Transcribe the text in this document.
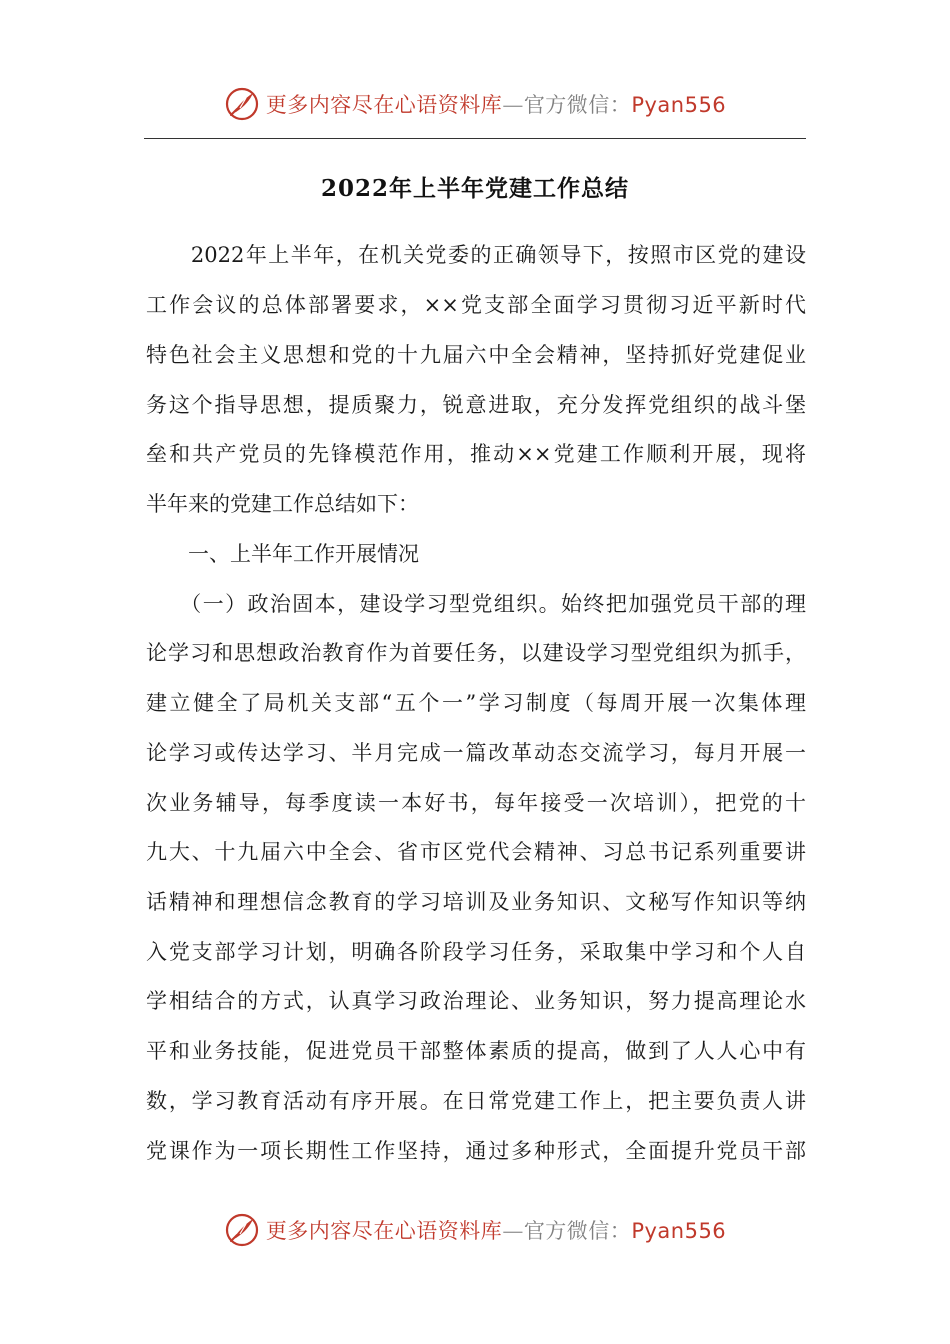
更多内容尽在心语资料库—官方微信：Pyan556
2022年上半年党建工作总结
　　2022年上半年，在机关党委的正确领导下，按照市区党的建设
工作会议的总体部署要求，××党支部全面学习贯彻习近平新时代
特色社会主义思想和党的十九届六中全会精神，坚持抓好党建促业
务这个指导思想，提质聚力，锐意进取，充分发挥党组织的战斗堡
垒和共产党员的先锋模范作用，推动××党建工作顺利开展，现将
半年来的党建工作总结如下：
　　一、上半年工作开展情况
　　（一）政治固本，建设学习型党组织。始终把加强党员干部的理
论学习和思想政治教育作为首要任务，以建设学习型党组织为抓手，
建立健全了局机关支部“五个一”学习制度（每周开展一次集体理
论学习或传达学习、半月完成一篇改革动态交流学习，每月开展一
次业务辅导，每季度读一本好书，每年接受一次培训），把党的十
九大、十九届六中全会、省市区党代会精神、习总书记系列重要讲
话精神和理想信念教育的学习培训及业务知识、文秘写作知识等纳
入党支部学习计划，明确各阶段学习任务，采取集中学习和个人自
学相结合的方式，认真学习政治理论、业务知识，努力提高理论水
平和业务技能，促进党员干部整体素质的提高，做到了人人心中有
数，学习教育活动有序开展。在日常党建工作上，把主要负责人讲
党课作为一项长期性工作坚持，通过多种形式，全面提升党员干部
更多内容尽在心语资料库—官方微信：Pyan556
